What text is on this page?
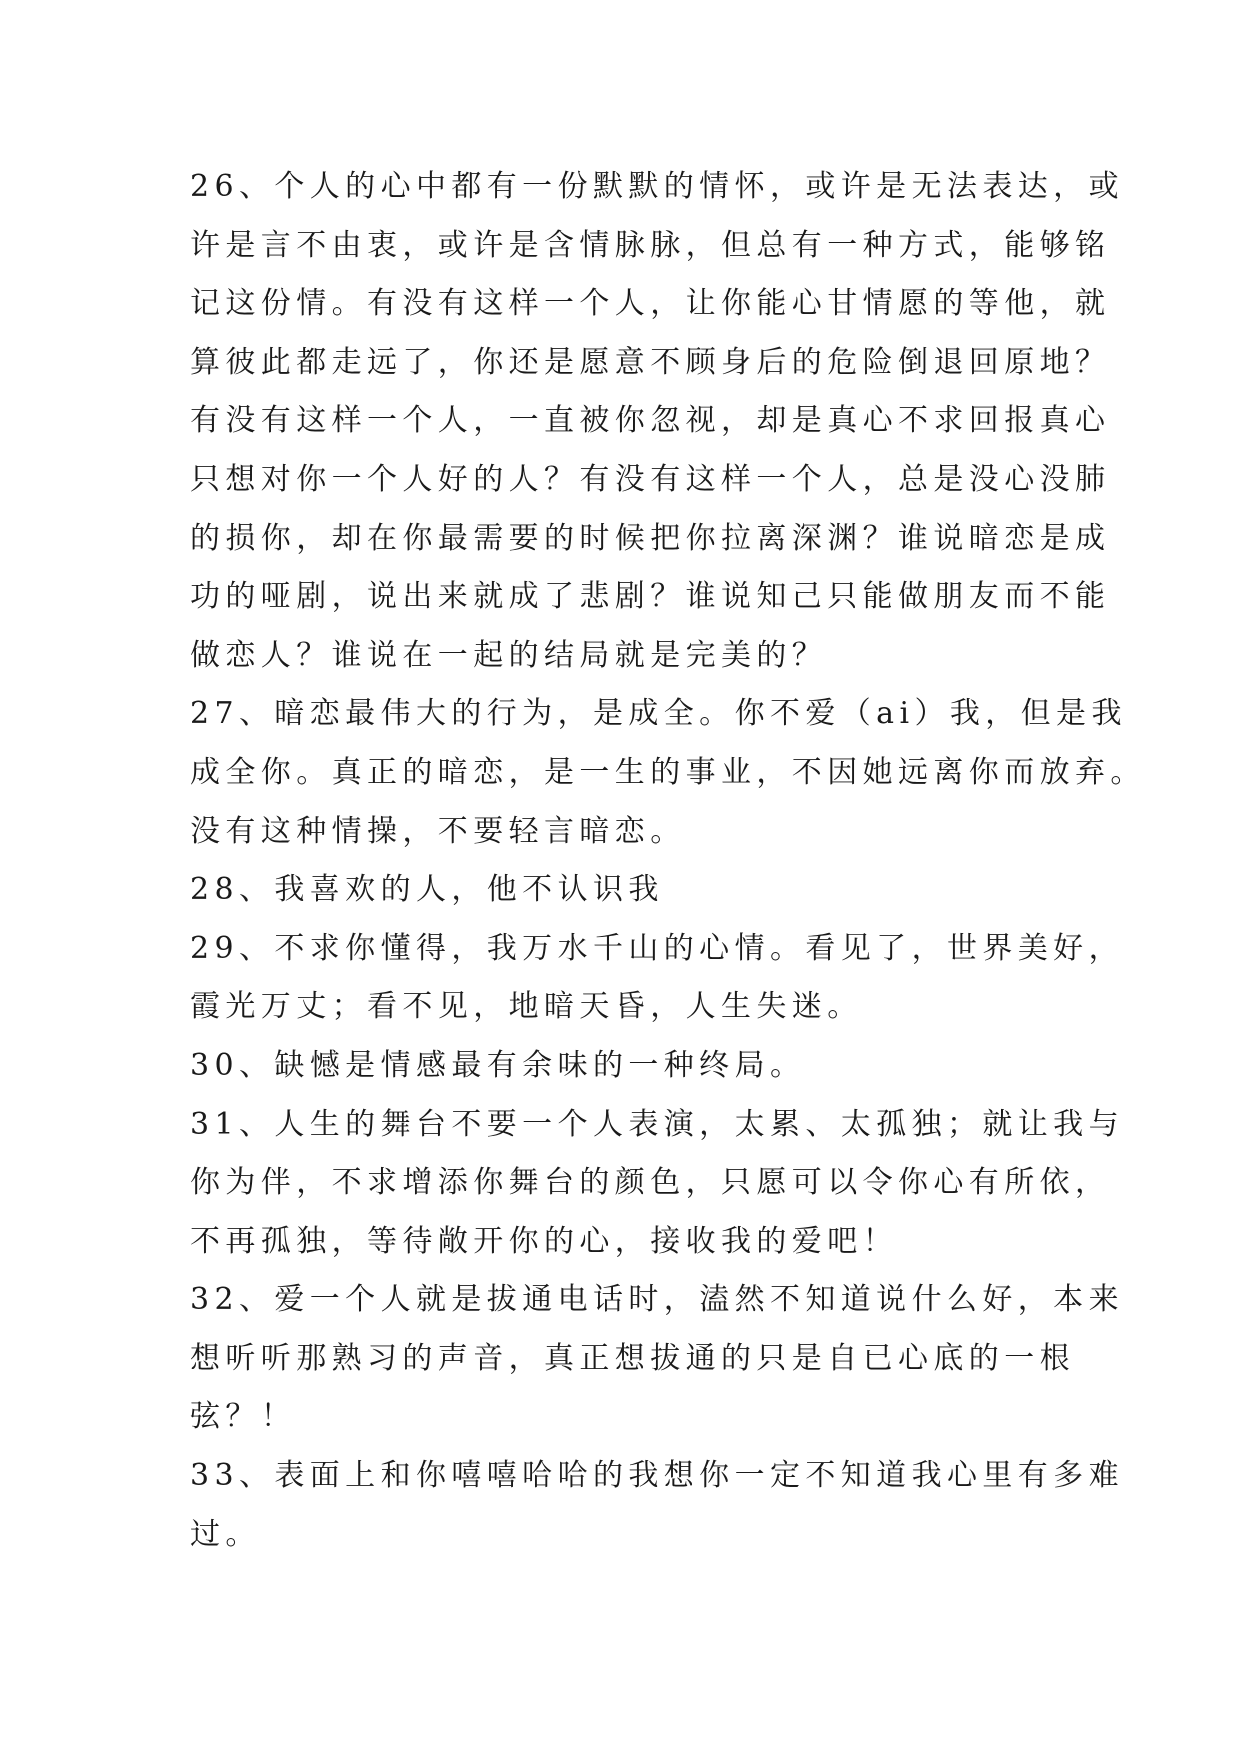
26、个人的心中都有一份默默的情怀，或许是无法表达，或
许是言不由衷，或许是含情脉脉，但总有一种方式，能够铭
记这份情。有没有这样一个人，让你能心甘情愿的等他，就
算彼此都走远了，你还是愿意不顾身后的危险倒退回原地？
有没有这样一个人，一直被你忽视，却是真心不求回报真心
只想对你一个人好的人？有没有这样一个人，总是没心没肺
的损你，却在你最需要的时候把你拉离深渊？谁说暗恋是成
功的哑剧，说出来就成了悲剧？谁说知己只能做朋友而不能
做恋人？谁说在一起的结局就是完美的？

27、暗恋最伟大的行为，是成全。你不爱（ai）我，但是我
成全你。真正的暗恋，是一生的事业，不因她远离你而放弃。
没有这种情操，不要轻言暗恋。

28、我喜欢的人，他不认识我

29、不求你懂得，我万水千山的心情。看见了，世界美好，
霞光万丈；看不见，地暗天昏，人生失迷。

30、缺憾是情感最有余味的一种终局。

31、人生的舞台不要一个人表演，太累、太孤独；就让我与
你为伴，不求增添你舞台的颜色，只愿可以令你心有所依，
不再孤独，等待敞开你的心，接收我的爱吧！

32、爱一个人就是拔通电话时，溘然不知道说什么好，本来
想听听那熟习的声音，真正想拔通的只是自已心底的一根
弦？！

33、表面上和你嘻嘻哈哈的我想你一定不知道我心里有多难
过。
